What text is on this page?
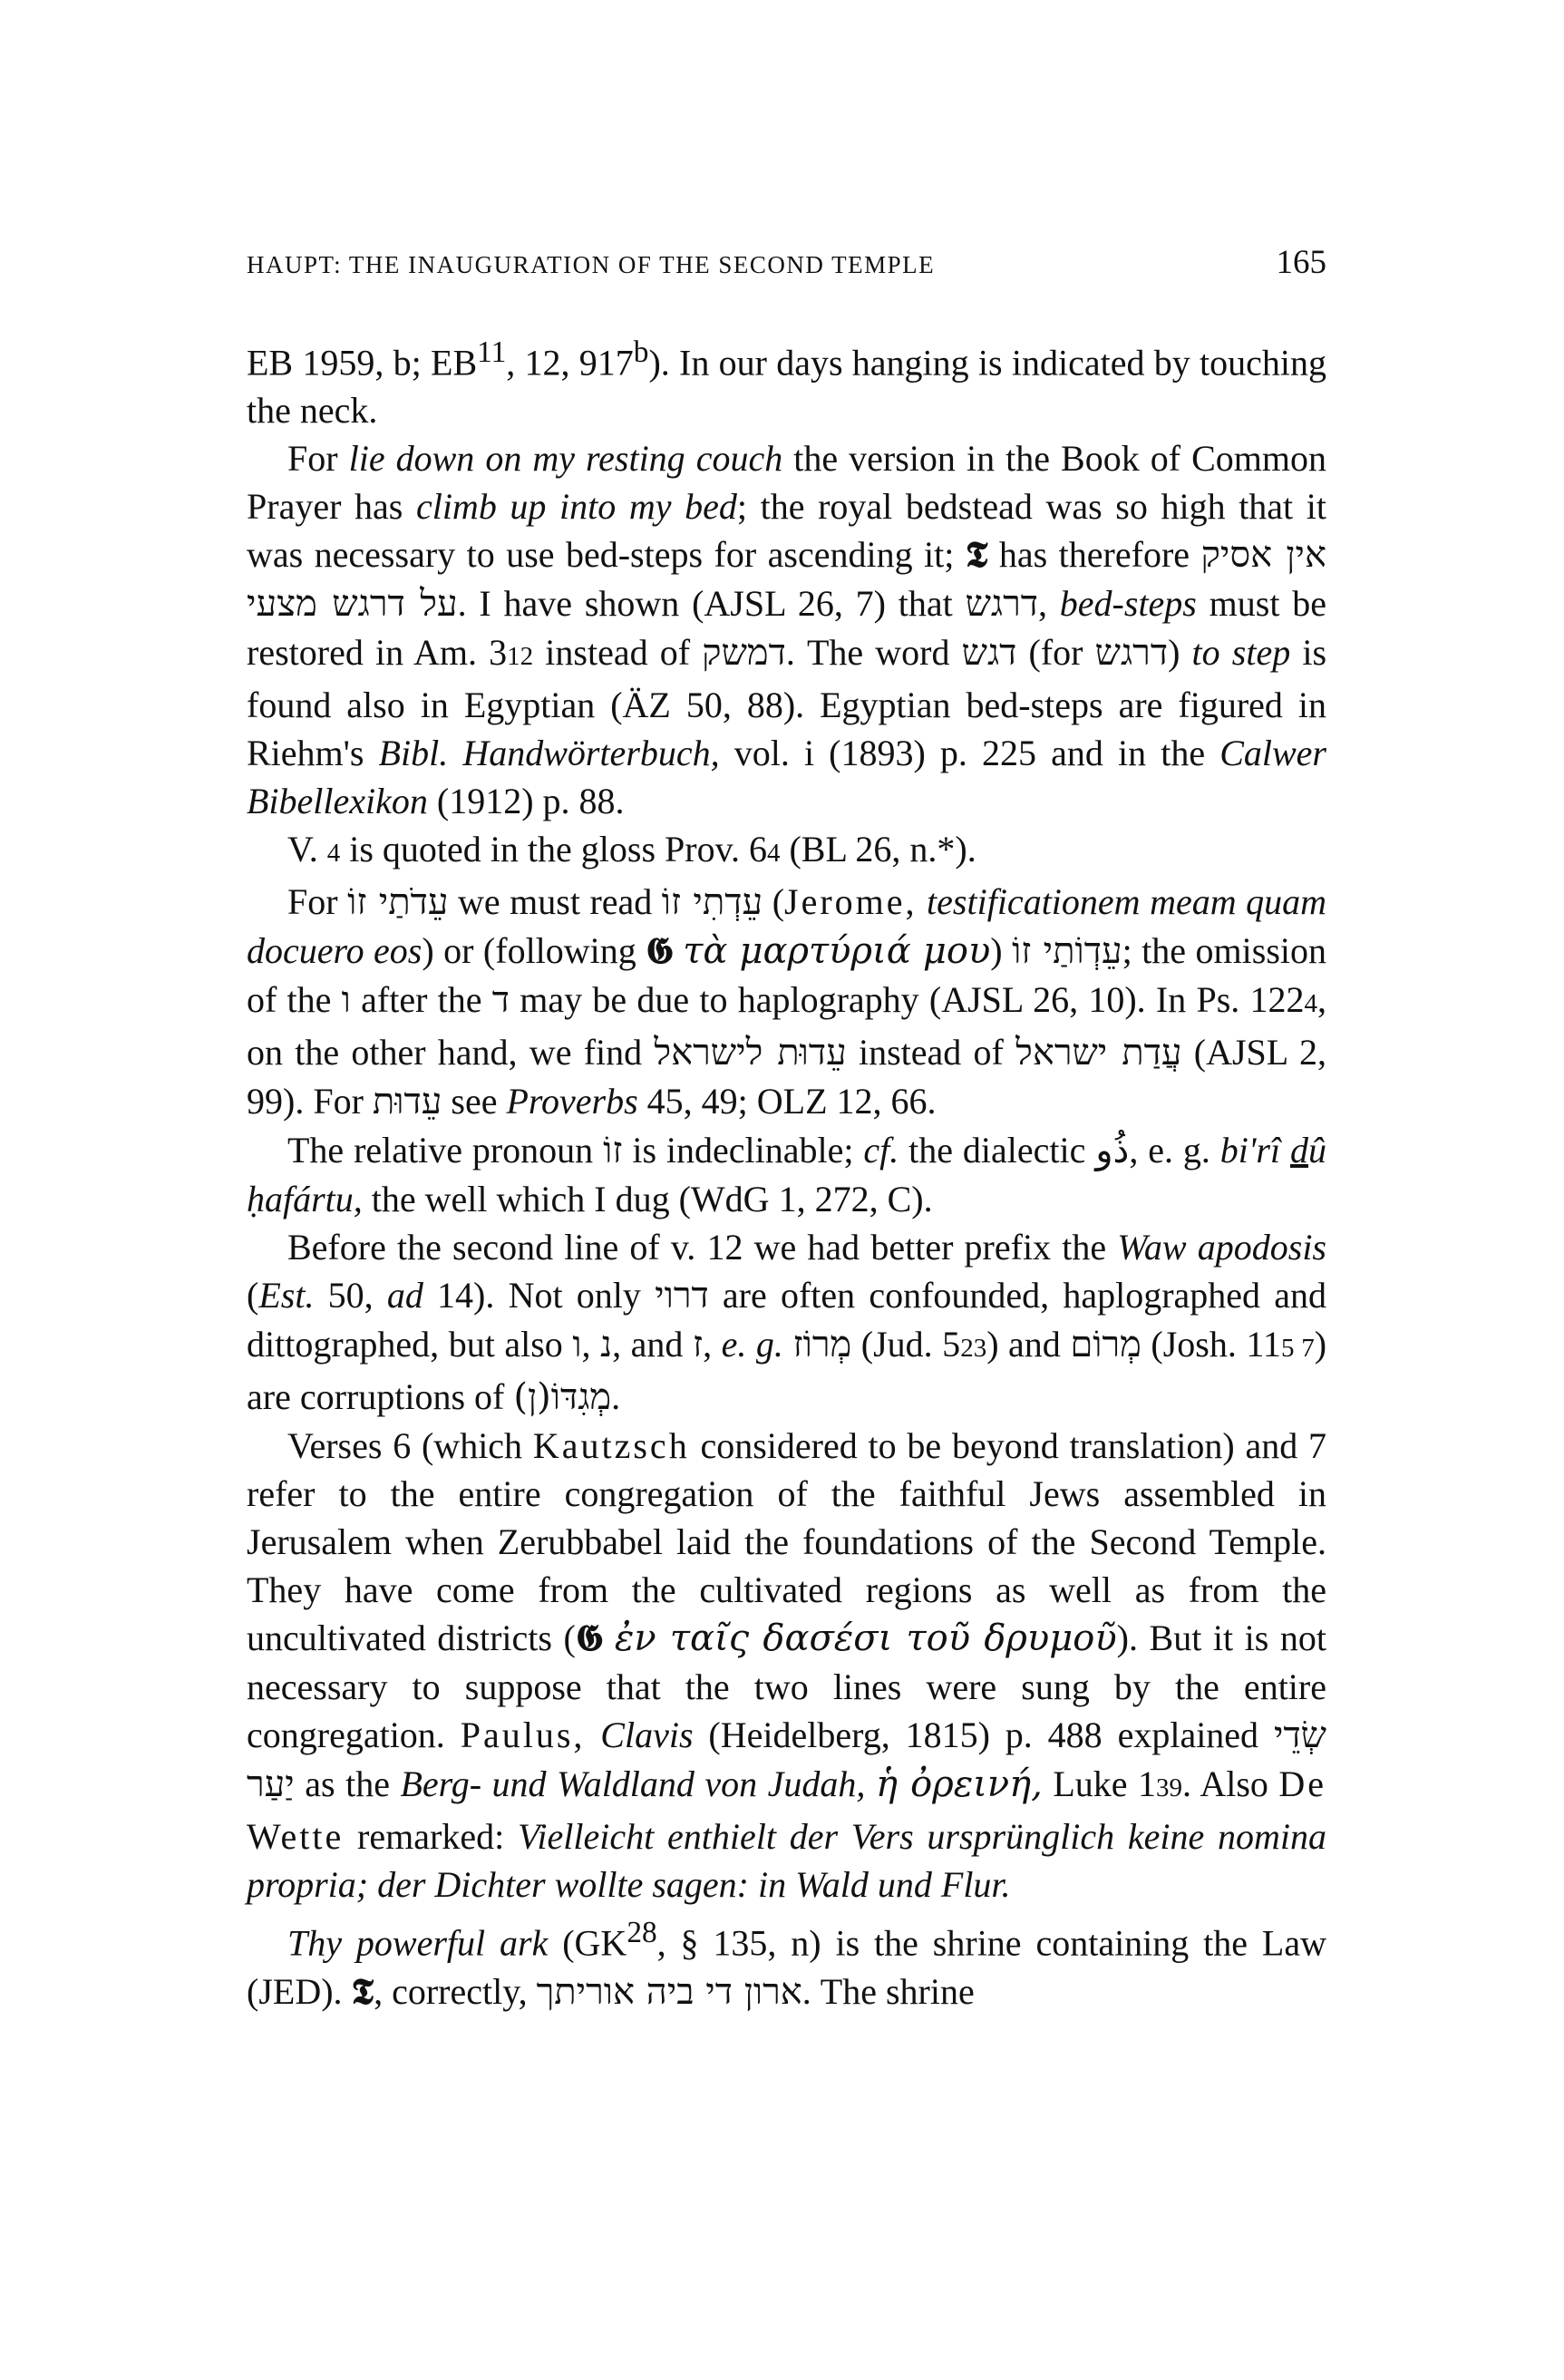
HAUPT: THE INAUGURATION OF THE SECOND TEMPLE	165

EB 1959, b; EB$^{11}$, 12, 917$^b$). In our days hanging is indicated by touching the neck.

For lie down on my resting couch the version in the Book of Common Prayer has climb up into my bed; the royal bedstead was so high that it was necessary to use bed-steps for ascending it; 𝕿 has therefore אין אסיק על דרגש מצעי. I have shown (AJSL 26, 7) that דרגש, bed-steps must be restored in Am. 312 instead of דמשק. The word דגש (for דרגש) to step is found also in Egyptian (ÄZ 50, 88). Egyptian bed-steps are figured in Riehm's Bibl. Handwörterbuch, vol. i (1893) p. 225 and in the Calwer Bibellexikon (1912) p. 88.

V. 4 is quoted in the gloss Prov. 64 (BL 26, n.*).

For עֵדֹתַי זוֹ we must read עֵדְתִי זוֹ (Jerome, testificationem meam quam docuero eos) or (following 𝕲 τὰ μαρτύριά μου) עֵדְוֹתַי זוֹ; the omission of the ו after the ד may be due to haplography (AJSL 26, 10). In Ps. 1224, on the other hand, we find עֵדוּת לישראל instead of עֲדַת ישראל (AJSL 2, 99). For עֵדוּת see Proverbs 45, 49; OLZ 12, 66.

The relative pronoun זוֹ is indeclinable; cf. the dialectic ذُو, e. g. bi'rî dû ḥafártu, the well which I dug (WdG 1, 272, C).

Before the second line of v. 12 we had better prefix the Waw apodosis (Est. 50, ad 14). Not only דרוי are often confounded, haplographed and dittographed, but also ו, נ, and ז, e. g. מְרוֹז (Jud. 523) and מְרוֹם (Josh. 115 7) are corruptions of מְגִדּוֹ(ן).

Verses 6 (which Kautzsch considered to be beyond translation) and 7 refer to the entire congregation of the faithful Jews assembled in Jerusalem when Zerubbabel laid the foundations of the Second Temple. They have come from the cultivated regions as well as from the uncultivated districts (𝕲 ἐν ταῖς δασέσι τοῦ δρυμοῦ). But it is not necessary to suppose that the two lines were sung by the entire congregation. Paulus, Clavis (Heidelberg, 1815) p. 488 explained שְׂדֵי יַעַר as the Berg- und Waldland von Judah, ἡ ὀρεινή, Luke 139. Also De Wette remarked: Vielleicht enthielt der Vers ursprünglich keine nomina propria; der Dichter wollte sagen: in Wald und Flur.

Thy powerful ark (GK$^{28}$, § 135, n) is the shrine containing the Law (JED). 𝕿, correctly, ארון די ביה אוריתך. The shrine
